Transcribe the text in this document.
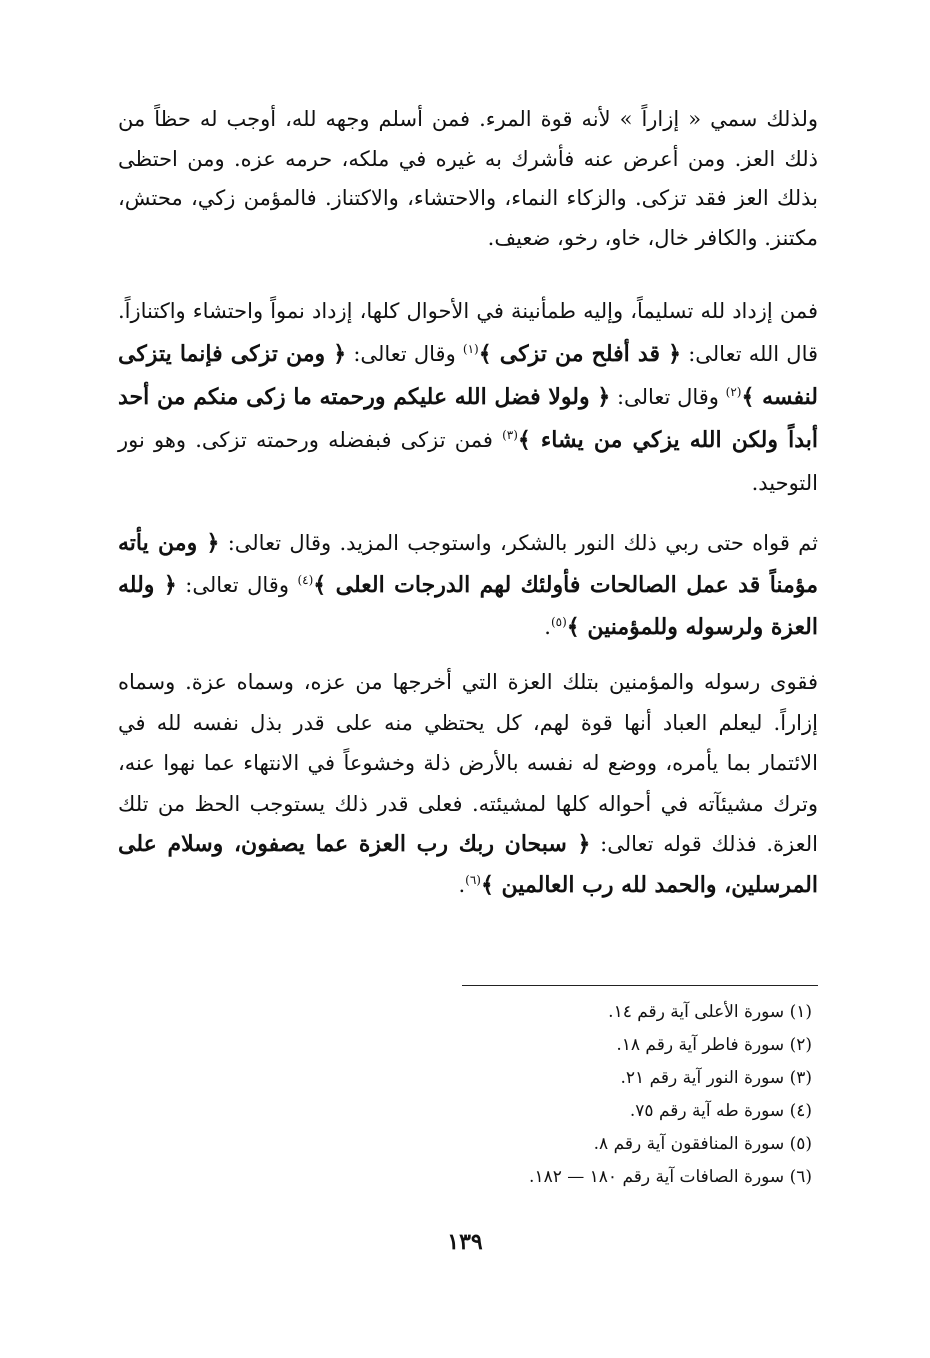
ولذلك سمي « إزاراً » لأنه قوة المرء. فمن أسلم وجهه لله، أوجب له حظاً من ذلك العز. ومن أعرض عنه فأشرك به غيره في ملكه، حرمه عزه. ومن احتظى بذلك العز فقد تزكى. والزكاء النماء، والاحتشاء، والاكتناز. فالمؤمن زكي، محتش، مكتنز. والكافر خال، خاو، رخو، ضعيف.

فمن إزداد لله تسليماً، وإليه طمأنينة في الأحوال كلها، إزداد نمواً واحتشاء واكتنازاً. قال الله تعالى: ﴿ قد أفلح من تزكى ﴾$^{(١)}$ وقال تعالى: ﴿ ومن تزكى فإنما يتزكى لنفسه ﴾$^{(٢)}$ وقال تعالى: ﴿ ولولا فضل الله عليكم ورحمته ما زكى منكم من أحد أبداً ولكن الله يزكي من يشاء ﴾$^{(٣)}$ فمن تزكى فبفضله ورحمته تزكى. وهو نور التوحيد.

ثم قواه حتى ربي ذلك النور بالشكر، واستوجب المزيد. وقال تعالى: ﴿ ومن يأته مؤمناً قد عمل الصالحات فأولئك لهم الدرجات العلى ﴾$^{(٤)}$ وقال تعالى: ﴿ ولله العزة ولرسوله وللمؤمنين ﴾$^{(٥)}$.

فقوى رسوله والمؤمنين بتلك العزة التي أخرجها من عزه، وسماه عزة. وسماه إزاراً. ليعلم العباد أنها قوة لهم، كل يحتظي منه على قدر بذل نفسه لله في الائتمار بما يأمره، ووضع له نفسه بالأرض ذلة وخشوعاً في الانتهاء عما نهوا عنه، وترك مشيئآته في أحواله كلها لمشيئته. فعلى قدر ذلك يستوجب الحظ من تلك العزة. فذلك قوله تعالى: ﴿ سبحان ربك رب العزة عما يصفون، وسلام على المرسلين، والحمد لله رب العالمين ﴾$^{(٦)}$.

(١) سورة الأعلى آية رقم ١٤.
(٢) سورة فاطر آية رقم ١٨.
(٣) سورة النور آية رقم ٢١.
(٤) سورة طه آية رقم ٧٥.
(٥) سورة المنافقون آية رقم ٨.
(٦) سورة الصافات آية رقم ١٨٠ — ١٨٢.
١٣٩
